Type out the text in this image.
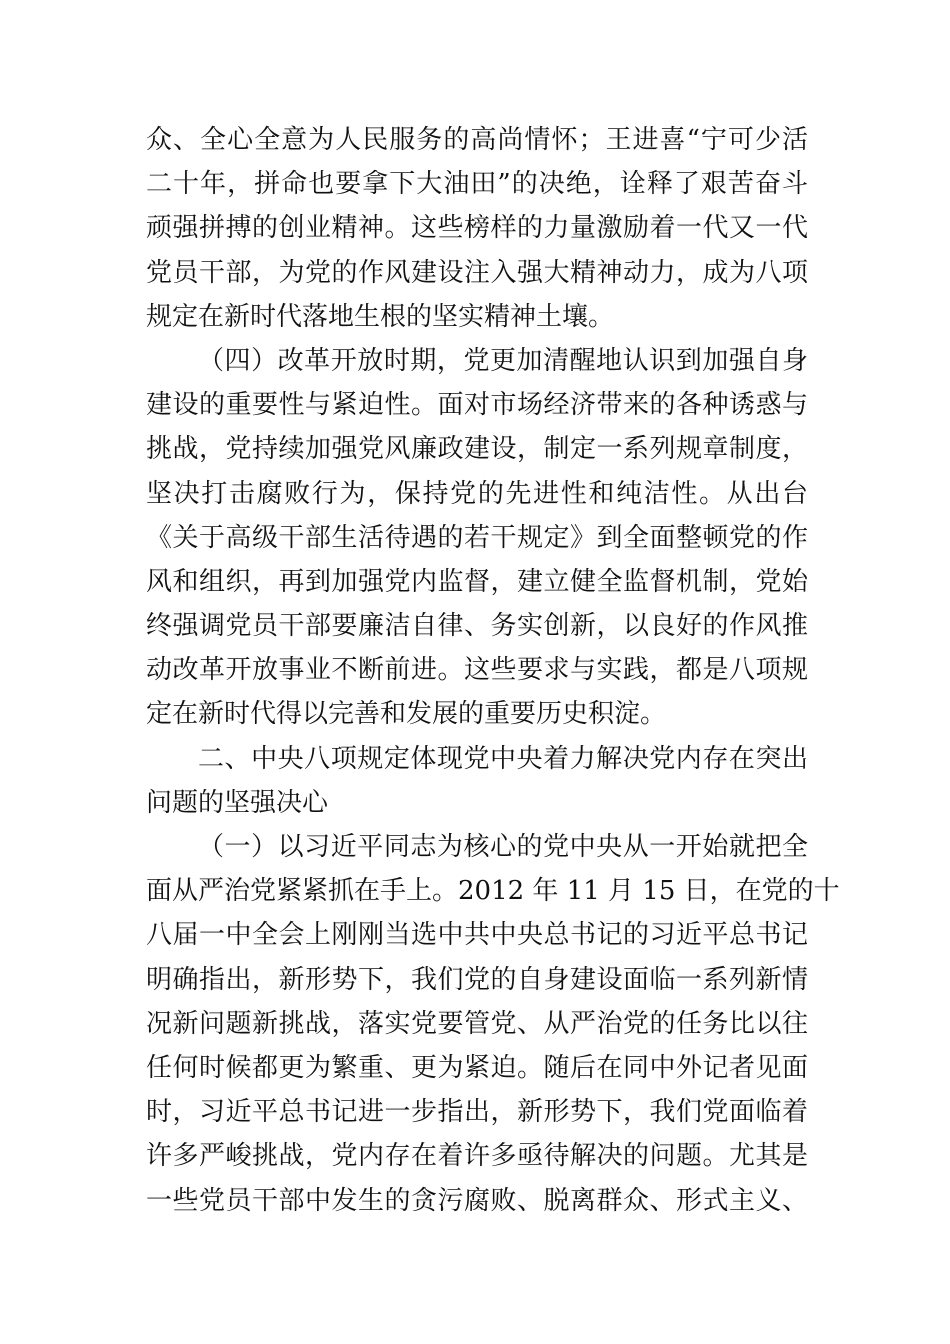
众、全心全意为人民服务的高尚情怀；王进喜“宁可少活
二十年，拼命也要拿下大油田”的决绝，诠释了艰苦奋斗
顽强拼搏的创业精神。这些榜样的力量激励着一代又一代
党员干部，为党的作风建设注入强大精神动力，成为八项
规定在新时代落地生根的坚实精神土壤。
（四）改革开放时期，党更加清醒地认识到加强自身
建设的重要性与紧迫性。面对市场经济带来的各种诱惑与
挑战，党持续加强党风廉政建设，制定一系列规章制度，
坚决打击腐败行为，保持党的先进性和纯洁性。从出台
《关于高级干部生活待遇的若干规定》到全面整顿党的作
风和组织，再到加强党内监督，建立健全监督机制，党始
终强调党员干部要廉洁自律、务实创新，以良好的作风推
动改革开放事业不断前进。这些要求与实践，都是八项规
定在新时代得以完善和发展的重要历史积淀。
二、中央八项规定体现党中央着力解决党内存在突出
问题的坚强决心
（一）以习近平同志为核心的党中央从一开始就把全
面从严治党紧紧抓在手上。2012 年 11 月 15 日，在党的十
八届一中全会上刚刚当选中共中央总书记的习近平总书记
明确指出，新形势下，我们党的自身建设面临一系列新情
况新问题新挑战，落实党要管党、从严治党的任务比以往
任何时候都更为繁重、更为紧迫。随后在同中外记者见面
时，习近平总书记进一步指出，新形势下，我们党面临着
许多严峻挑战，党内存在着许多亟待解决的问题。尤其是
一些党员干部中发生的贪污腐败、脱离群众、形式主义、
